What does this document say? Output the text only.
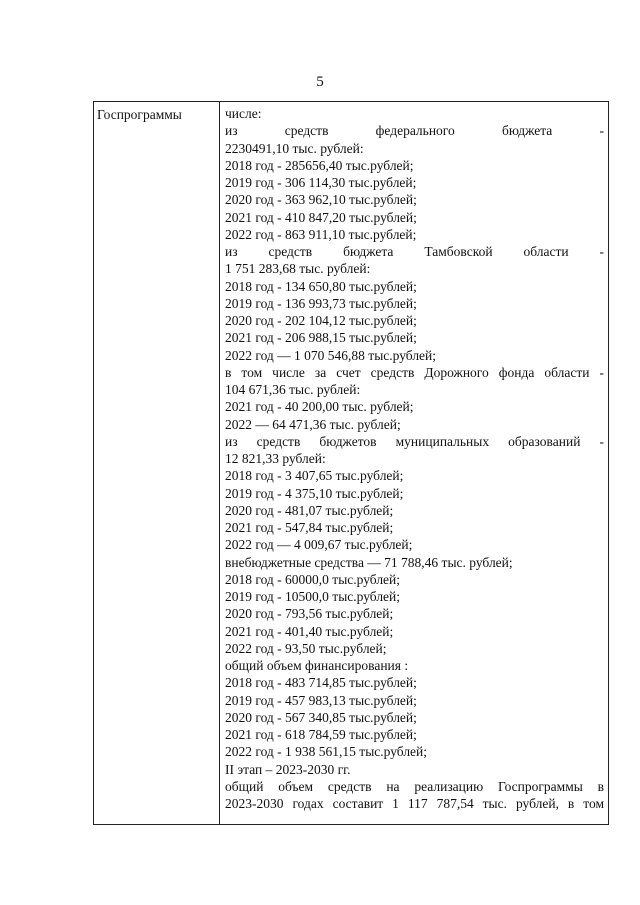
5
Госпрограммы	числе:
из средств федерального бюджета -
2230491,10 тыс. рублей:
2018 год - 285656,40 тыс.рублей;
2019 год - 306 114,30 тыс.рублей;
2020 год - 363 962,10 тыс.рублей;
2021 год - 410 847,20 тыс.рублей;
2022 год - 863 911,10 тыс.рублей;
из средств бюджета Тамбовской области -
1 751 283,68 тыс. рублей:
2018 год - 134 650,80 тыс.рублей;
2019 год - 136 993,73 тыс.рублей;
2020 год - 202 104,12 тыс.рублей;
2021 год - 206 988,15 тыс.рублей;
2022 год — 1 070 546,88 тыс.рублей;
в том числе за счет средств Дорожного фонда области -
104 671,36 тыс. рублей:
2021 год - 40 200,00 тыс. рублей;
2022 — 64 471,36 тыс. рублей;
из средств бюджетов муниципальных образований -
12 821,33 рублей:
2018 год - 3 407,65 тыс.рублей;
2019 год - 4 375,10 тыс.рублей;
2020 год - 481,07 тыс.рублей;
2021 год - 547,84 тыс.рублей;
2022 год — 4 009,67 тыс.рублей;
внебюджетные средства — 71 788,46 тыс. рублей;
2018 год - 60000,0 тыс.рублей;
2019 год - 10500,0 тыс.рублей;
2020 год - 793,56 тыс.рублей;
2021 год - 401,40 тыс.рублей;
2022 год - 93,50 тыс.рублей;
общий объем финансирования :
2018 год - 483 714,85 тыс.рублей;
2019 год - 457 983,13 тыс.рублей;
2020 год - 567 340,85 тыс.рублей;
2021 год - 618 784,59 тыс.рублей;
2022 год - 1 938 561,15 тыс.рублей;
II этап – 2023-2030 гг.
общий объем средств на реализацию Госпрограммы в
2023-2030 годах составит 1 117 787,54 тыс. рублей, в том
